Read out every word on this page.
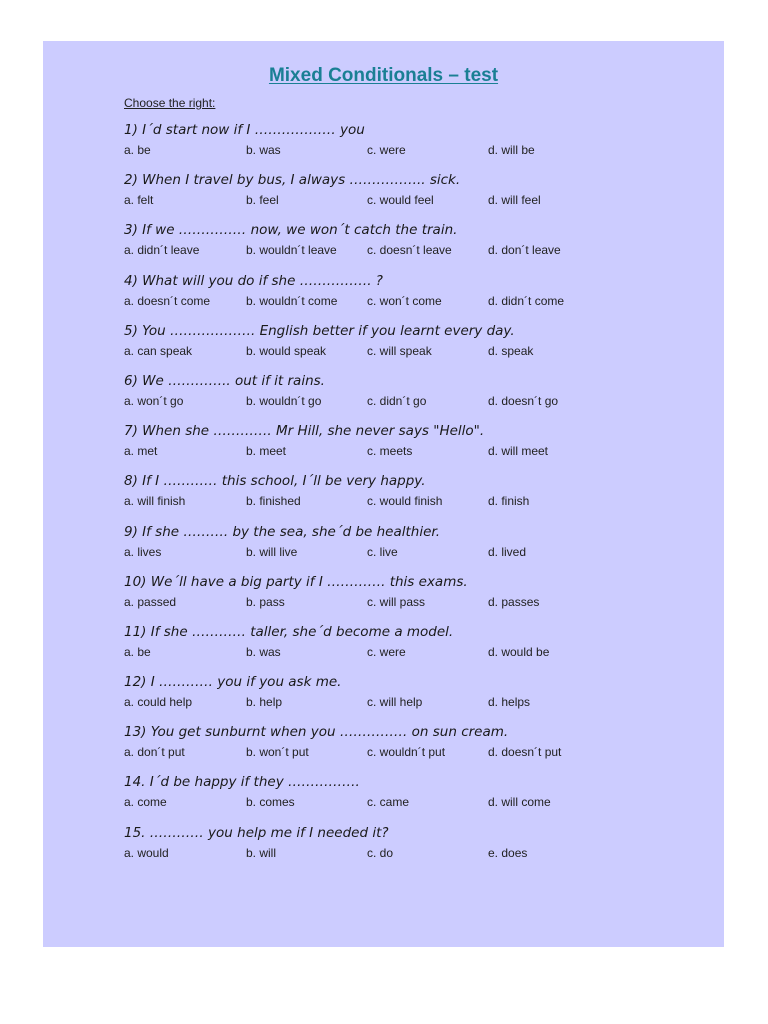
Mixed Conditionals – test
Choose the right:
1) I´d start now if I ……………… you
a. be	b. was	c. were	d. will be
2) When I travel by bus, I always …………….. sick.
a. felt	b. feel	c. would feel	d. will feel
3) If we …………… now, we won´t catch the train.
a. didn´t leave	b. wouldn´t leave	c. doesn´t leave	d. don´t leave
4) What will you do if she ……………. ?
a. doesn´t come	b. wouldn´t come c. won´t come	d. didn´t come
5) You ………………. English better if you learnt every day.
a. can speak	b. would speak	c. will speak	d. speak
6) We ………….. out if it rains.
a. won´t go	b. wouldn´t go	c. didn´t go	d. doesn´t go
7) When she …………. Mr Hill, she never says "Hello".
a. met	b. meet	c. meets	d. will meet
8) If I ………… this school, I´ll be very happy.
a. will finish	b. finished	c. would finish	d. finish
9) If she ………. by the sea, she´d be healthier.
a. lives	b. will live	c. live	d. lived
10) We´ll have a big party if I …………. this exams.
a. passed	b. pass	c. will pass	d. passes
11) If she ………… taller, she´d become a model.
a. be	b. was	c. were	d. would be
12) I ………… you if you ask me.
a. could help	b. help	c. will help	d. helps
13) You get sunburnt when you …………… on sun cream.
a. don´t put	b. won´t put	c. wouldn´t put	d. doesn´t put
14. I´d be happy if they …………….
a. come	b. comes	c. came	d. will come
15. ………… you help me if I needed it?
a. would	b. will	c. do	e. does
